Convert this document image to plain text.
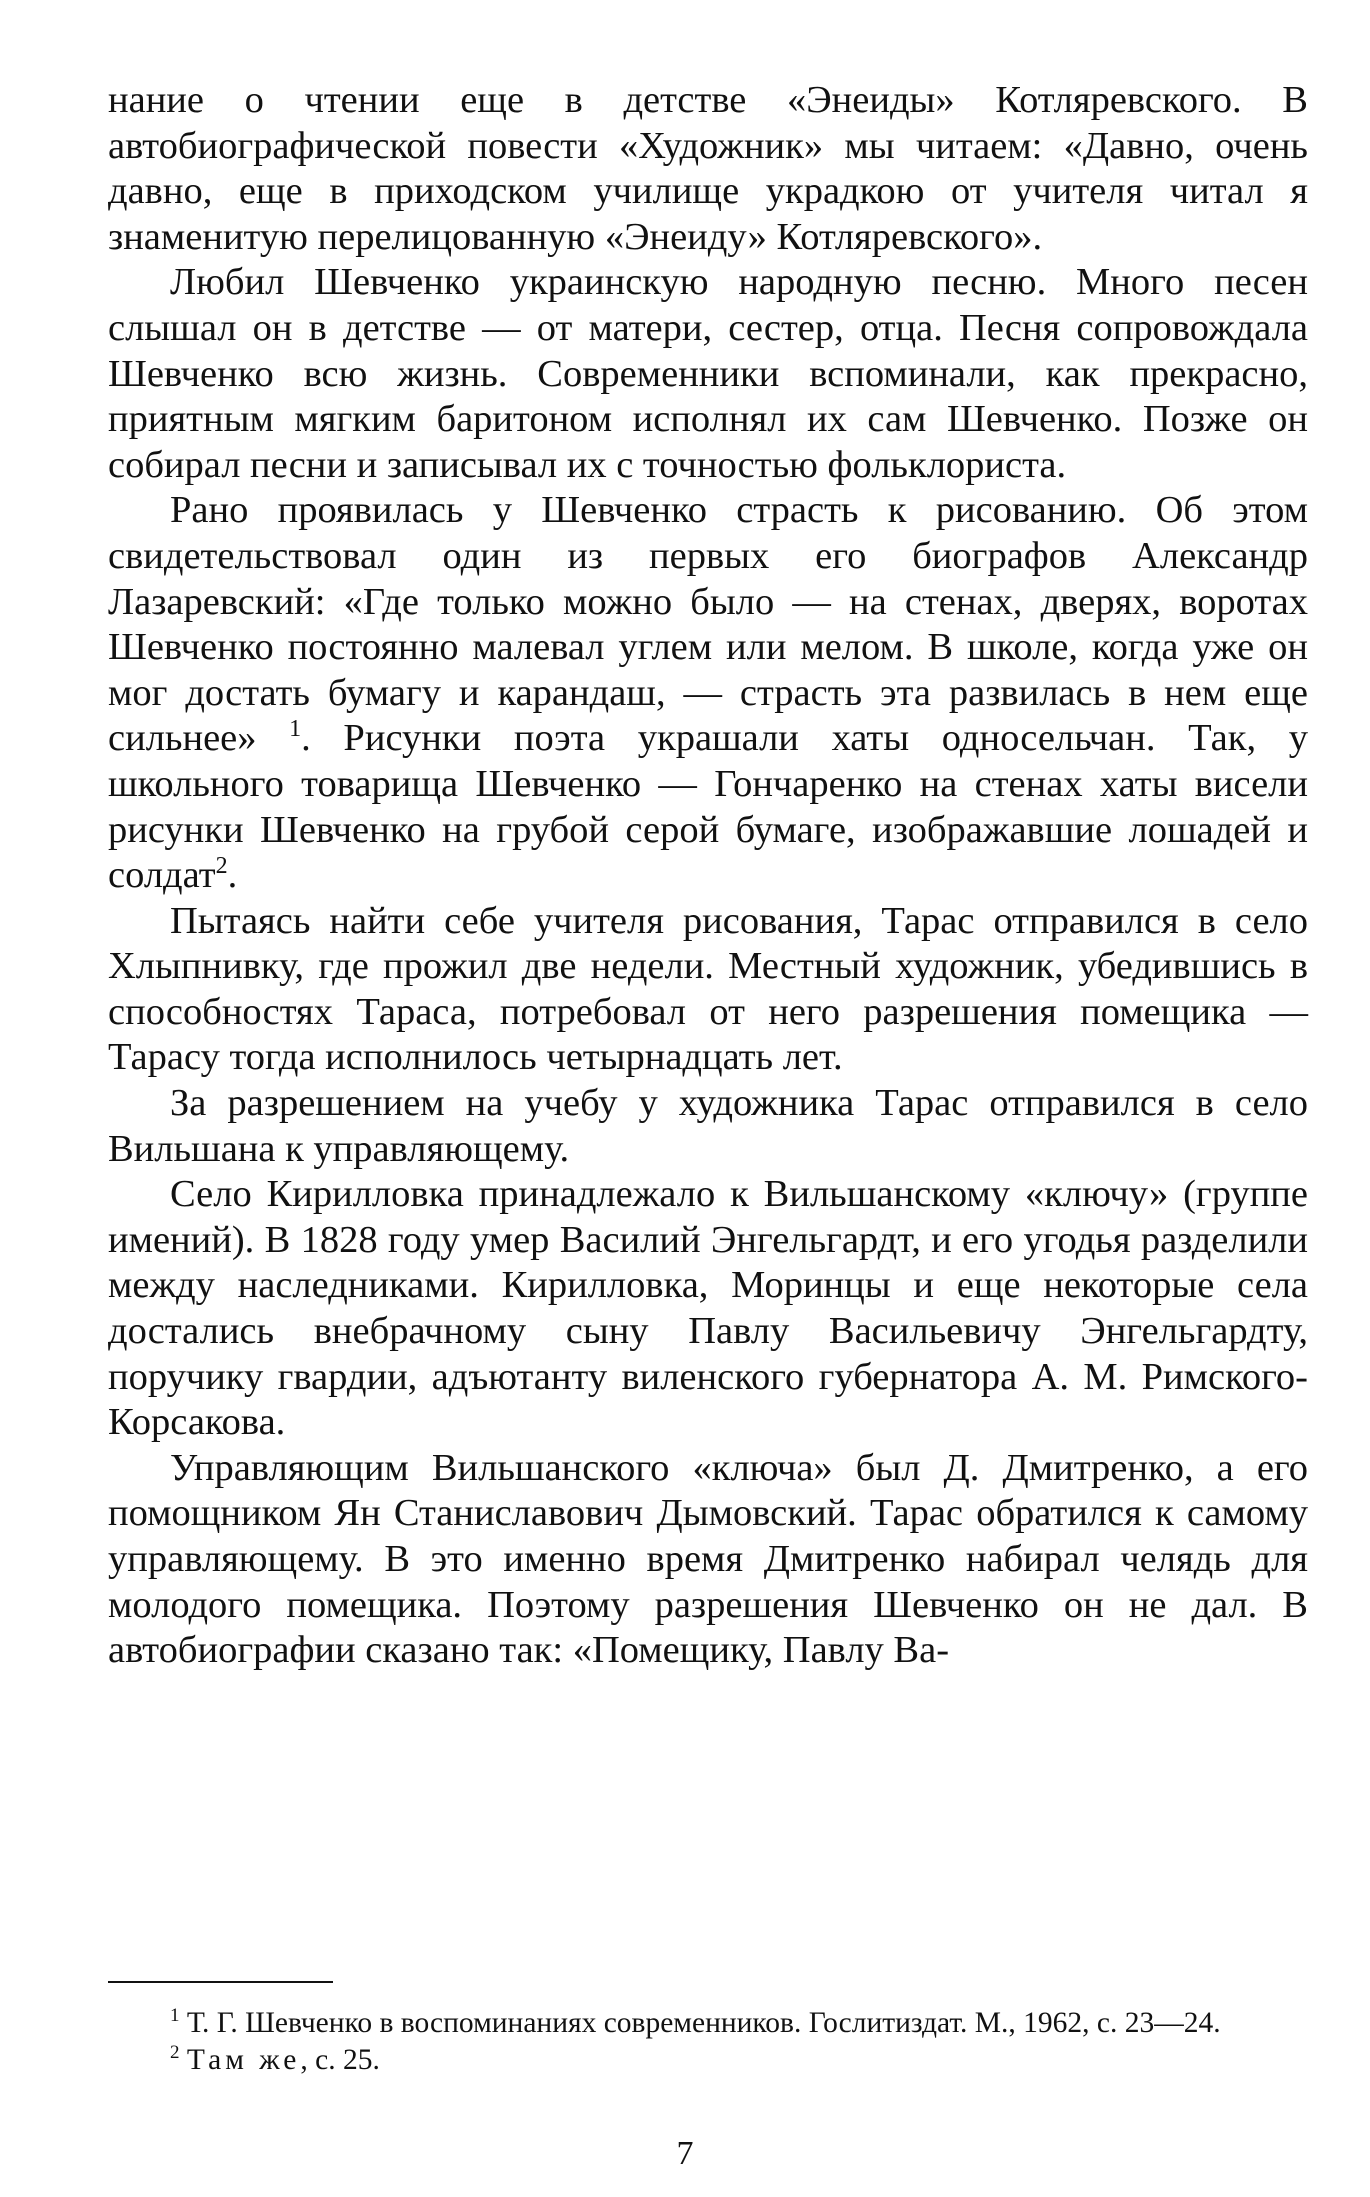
нание о чтении еще в детстве «Энеиды» Котляревского. В автобиографической повести «Художник» мы читаем: «Давно, очень давно, еще в приходском училище украдкою от учителя читал я знаменитую перелицованную «Энеиду» Котляревского».

Любил Шевченко украинскую народную песню. Много песен слышал он в детстве — от матери, сестер, отца. Песня сопровождала Шевченко всю жизнь. Современники вспоминали, как прекрасно, приятным мягким баритоном исполнял их сам Шевченко. Позже он собирал песни и записывал их с точностью фольклориста.

Рано проявилась у Шевченко страсть к рисованию. Об этом свидетельствовал один из первых его биографов Александр Лазаревский: «Где только можно было — на стенах, дверях, воротах Шевченко постоянно малевал углем или мелом. В школе, когда уже он мог достать бумагу и карандаш, — страсть эта развилась в нем еще сильнее» $^1$. Рисунки поэта украшали хаты односельчан. Так, у школьного товарища Шевченко — Гончаренко на стенах хаты висели рисунки Шевченко на грубой серой бумаге, изображавшие лошадей и солдат$^2$.

Пытаясь найти себе учителя рисования, Тарас отправился в село Хлыпнивку, где прожил две недели. Местный художник, убедившись в способностях Тараса, потребовал от него разрешения помещика — Тарасу тогда исполнилось четырнадцать лет.

За разрешением на учебу у художника Тарас отправился в село Вильшана к управляющему.

Село Кирилловка принадлежало к Вильшанскому «ключу» (группе имений). В 1828 году умер Василий Энгельгардт, и его угодья разделили между наследниками. Кирилловка, Моринцы и еще некоторые села достались внебрачному сыну Павлу Васильевичу Энгельгардту, поручику гвардии, адъютанту виленского губернатора А. М. Римского-Корсакова.

Управляющим Вильшанского «ключа» был Д. Дмитренко, а его помощником Ян Станиславович Дымовский. Тарас обратился к самому управляющему. В это именно время Дмитренко набирал челядь для молодого помещика. Поэтому разрешения Шевченко он не дал. В автобиографии сказано так: «Помещику, Павлу Ва-

$^1$ Т. Г. Шевченко в воспоминаниях современников. Гослитиздат. М., 1962, с. 23—24.

$^2$ Там же, с. 25.

7
